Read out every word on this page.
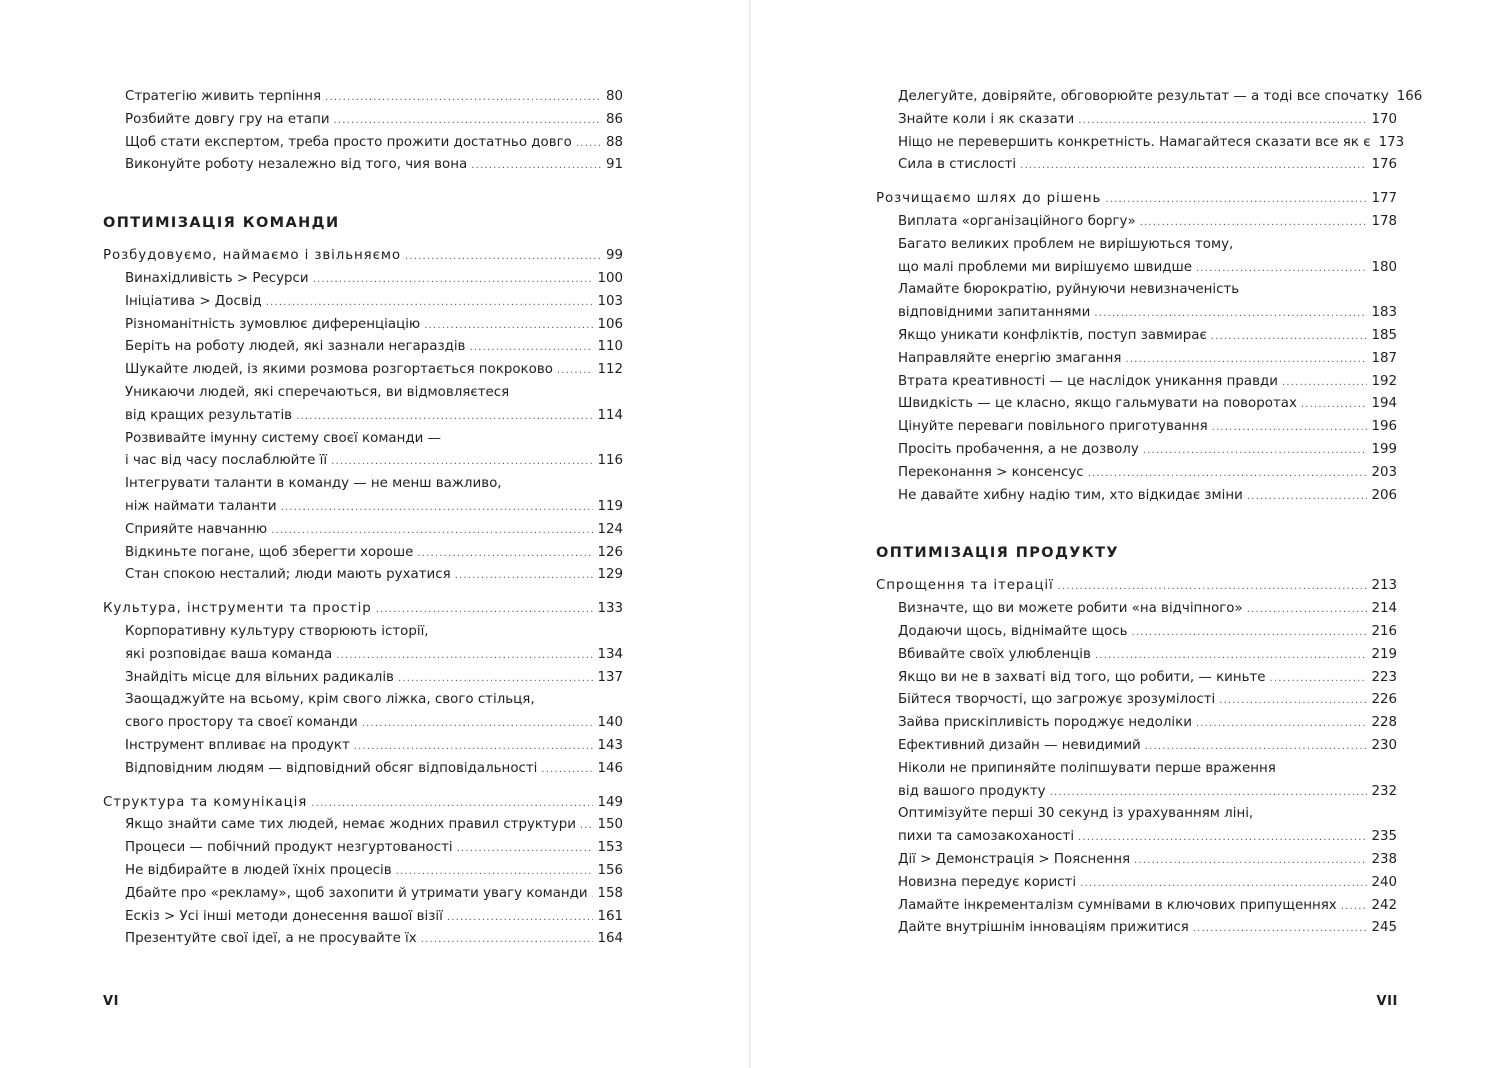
Стратегію живить терпіння .....	80
Розбийте довгу гру на етапи .....	86
Щоб стати експертом, треба просто прожити достатньо довго .....	88
Виконуйте роботу незалежно від того, чия вона .....	91
ОПТИМІЗАЦІЯ КОМАНДИ
Розбудовуємо, наймаємо і звільняємо .....	99
Винахідливість > Ресурси .....	100
Ініціатива > Досвід .....	103
Різноманітність зумовлює диференціацію .....	106
Беріть на роботу людей, які зазнали негараздів .....	110
Шукайте людей, із якими розмова розгортається покроково .....	112
Уникаючи людей, які сперечаються, ви відмовляєтеся
від кращих результатів .....	114
Розвивайте імунну систему своєї команди —
і час від часу послаблюйте її .....	116
Інтегрувати таланти в команду — не менш важливо,
ніж наймати таланти .....	119
Сприяйте навчанню .....	124
Відкиньте погане, щоб зберегти хороше .....	126
Стан спокою несталий; люди мають рухатися .....	129
Культура, інструменти та простір .....	133
Корпоративну культуру створюють історії,
які розповідає ваша команда .....	134
Знайдіть місце для вільних радикалів .....	137
Заощаджуйте на всьому, крім свого ліжка, свого стільця,
свого простору та своєї команди .....	140
Інструмент впливає на продукт .....	143
Відповідним людям — відповідний обсяг відповідальності .....	146
Структура та комунікація .....	149
Якщо знайти саме тих людей, немає жодних правил структури ..... 150
Процеси — побічний продукт незгуртованості .....	153
Не відбирайте в людей їхніх процесів .....	156
Дбайте про «рекламу», щоб захопити й утримати увагу команди ..... 158
Ескіз > Усі інші методи донесення вашої візії .....	161
Презентуйте свої ідеї, а не просувайте їх .....	164
VI
Делегуйте, довіряйте, обговорюйте результат — а тоді все спочатку 166
Знайте коли і як сказати .....	170
Ніщо не перевершить конкретність. Намагайтеся сказати все як є 173
Сила в стислості .....	176
Розчищаємо шлях до рішень .....	177
Виплата «організаційного боргу» .....	178
Багато великих проблем не вирішуються тому,
що малі проблеми ми вирішуємо швидше .....	180
Ламайте бюрократію, руйнуючи невизначеність
відповідними запитаннями .....	183
Якщо уникати конфліктів, поступ завмирає .....	185
Направляйте енергію змагання .....	187
Втрата креативності — це наслідок уникання правди .....	192
Швидкість — це класно, якщо гальмувати на поворотах .....	194
Цінуйте переваги повільного приготування .....	196
Просіть пробачення, а не дозволу .....	199
Переконання > консенсус .....	203
Не давайте хибну надію тим, хто відкидає зміни .....	206
ОПТИМІЗАЦІЯ ПРОДУКТУ
Спрощення та ітерації .....	213
Визначте, що ви можете робити «на відчіпного» .....	214
Додаючи щось, віднімайте щось .....	216
Вбивайте своїх улюбленців .....	219
Якщо ви не в захваті від того, що робити, — киньте .....	223
Бійтеся творчості, що загрожує зрозумілості .....	226
Зайва прискіпливість породжує недоліки .....	228
Ефективний дизайн — невидимий .....	230
Ніколи не припиняйте поліпшувати перше враження
від вашого продукту .....	232
Оптимізуйте перші 30 секунд із урахуванням ліні,
пихи та самозакоханості .....	235
Дії > Демонстрація > Пояснення .....	238
Новизна передує користі .....	240
Ламайте інкременталізм сумнівами в ключових припущеннях .....	242
Дайте внутрішнім інноваціям прижитися .....	245
VII
